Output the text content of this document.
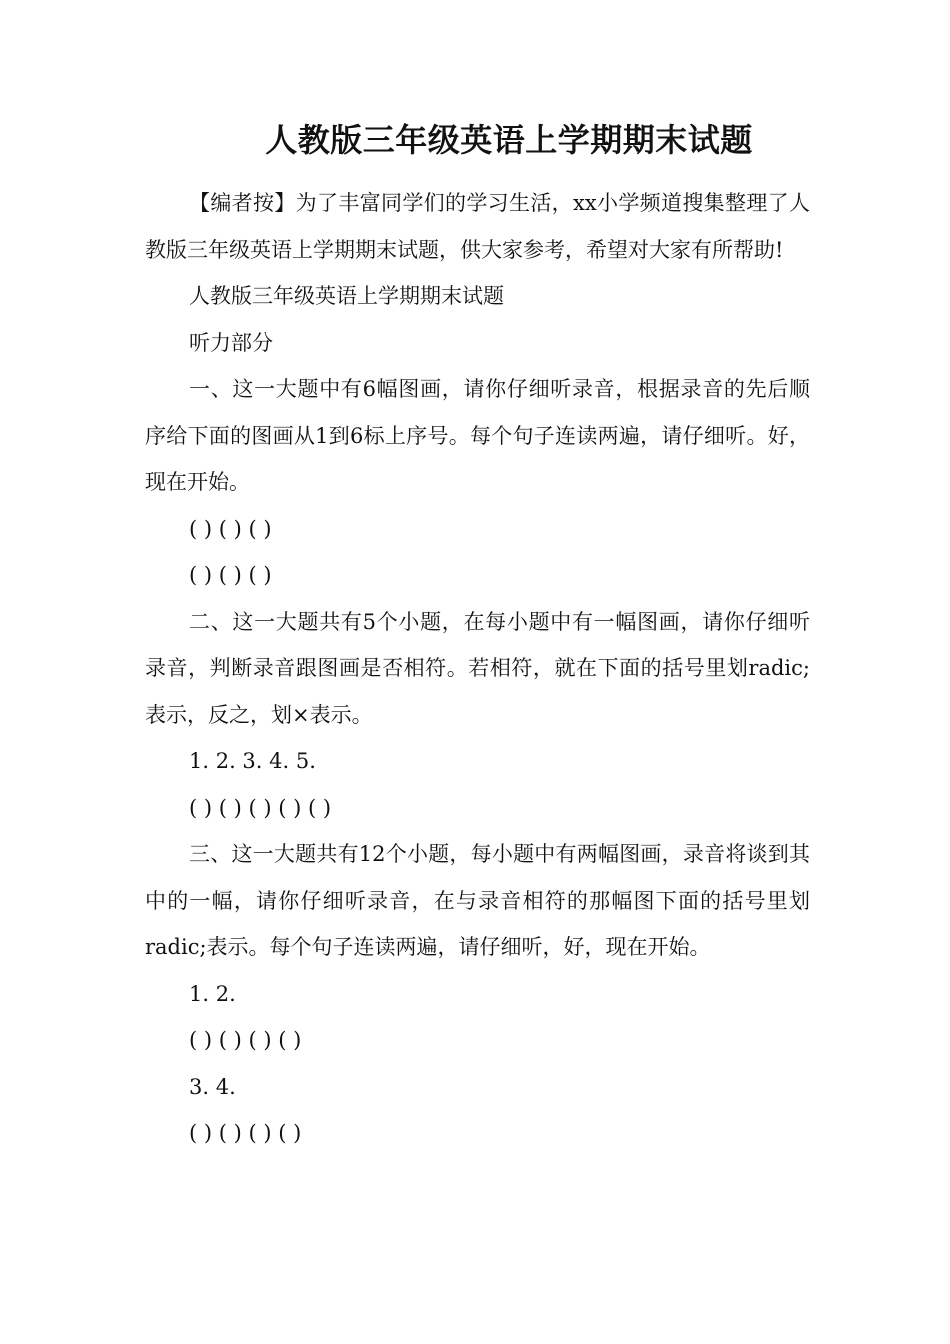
人教版三年级英语上学期期末试题

【编者按】为了丰富同学们的学习生活，xx小学频道搜集整理了人教版三年级英语上学期期末试题，供大家参考，希望对大家有所帮助!

人教版三年级英语上学期期末试题

听力部分

一、这一大题中有6幅图画，请你仔细听录音，根据录音的先后顺序给下面的图画从1到6标上序号。每个句子连读两遍，请仔细听。好，现在开始。

( ) ( ) ( )

( ) ( ) ( )

二、这一大题共有5个小题，在每小题中有一幅图画，请你仔细听录音，判断录音跟图画是否相符。若相符，就在下面的括号里划radic;表示，反之，划×表示。

1. 2. 3. 4. 5.

( ) ( ) ( ) ( ) ( )

三、这一大题共有12个小题，每小题中有两幅图画，录音将谈到其中的一幅，请你仔细听录音，在与录音相符的那幅图下面的括号里划radic;表示。每个句子连读两遍，请仔细听，好，现在开始。

1. 2.

( ) ( ) ( ) ( )

3. 4.

( ) ( ) ( ) ( )
